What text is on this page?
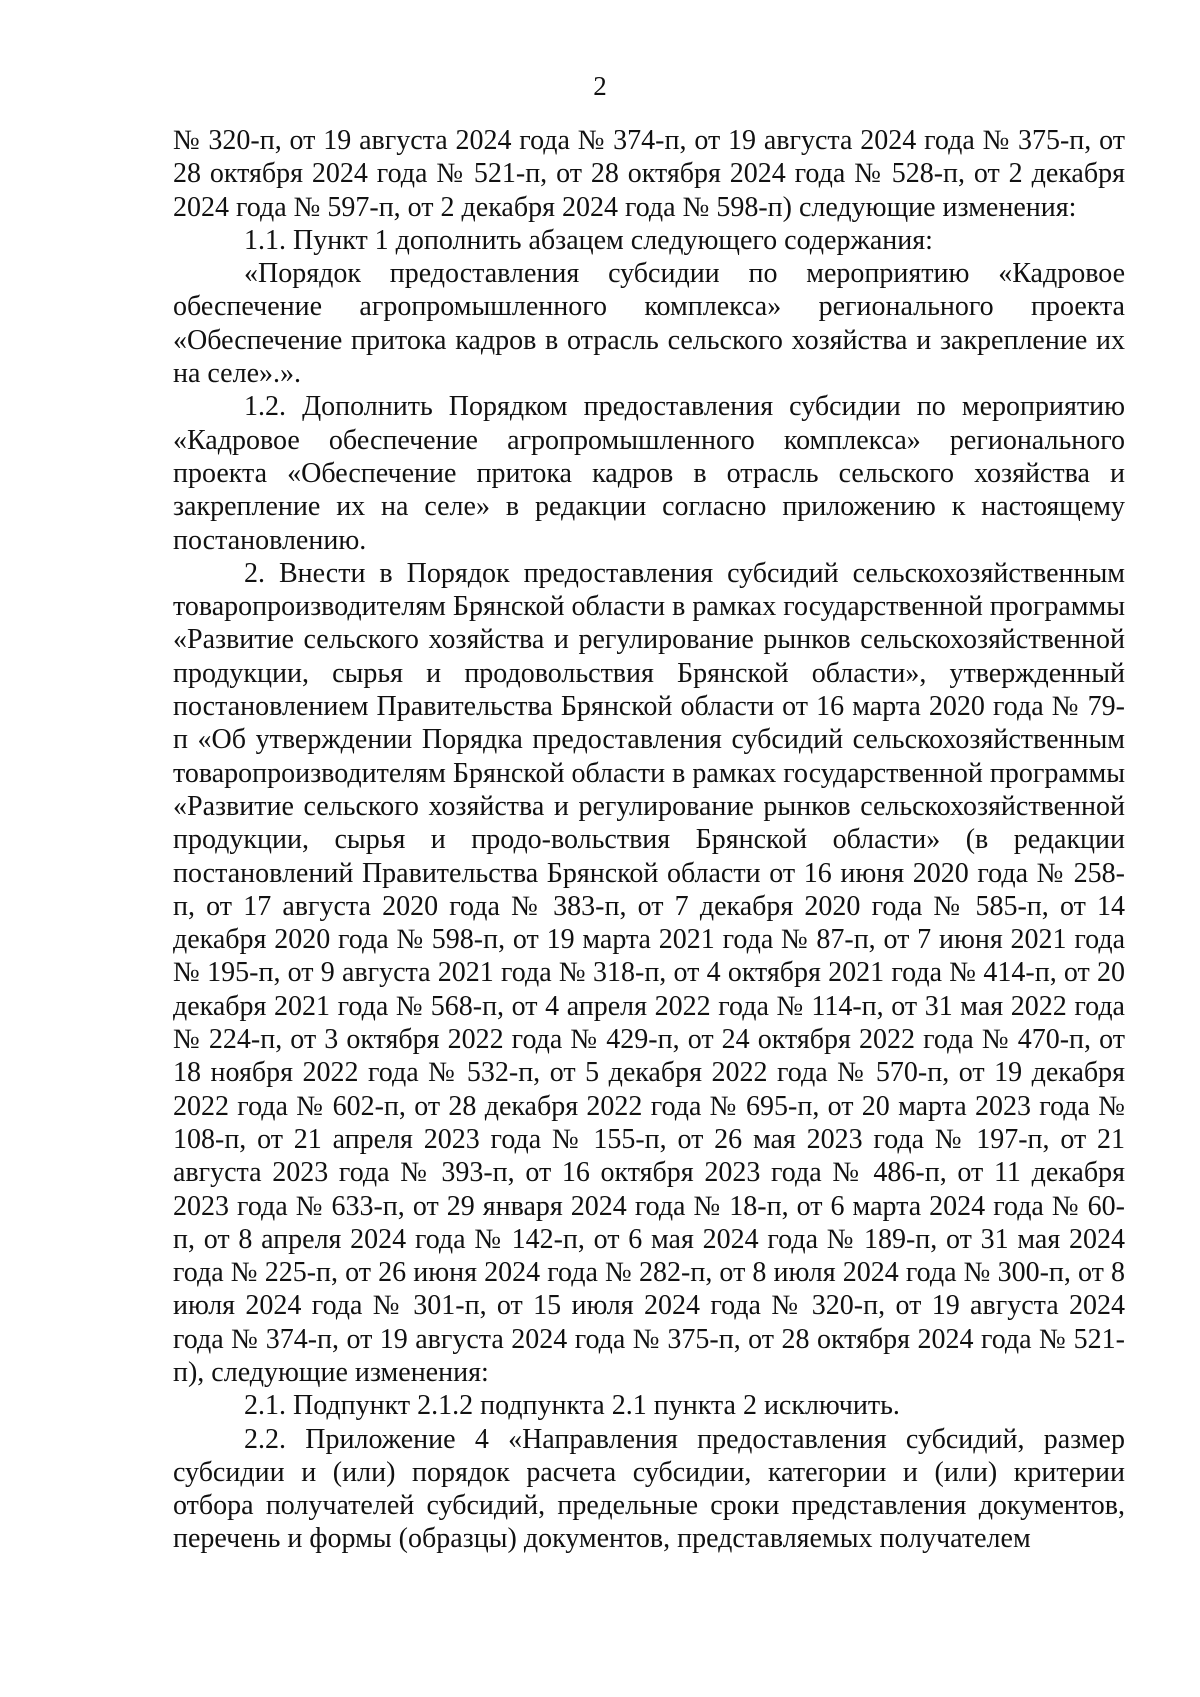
2

№ 320-п, от 19 августа 2024 года № 374-п, от 19 августа 2024 года № 375-п, от 28 октября 2024 года № 521-п, от 28 октября 2024 года № 528-п, от 2 декабря 2024 года № 597-п, от 2 декабря 2024 года № 598-п) следующие изменения:

1.1. Пункт 1 дополнить абзацем следующего содержания:

«Порядок предоставления субсидии по мероприятию «Кадровое обеспечение агропромышленного комплекса» регионального проекта «Обеспечение притока кадров в отрасль сельского хозяйства и закрепление их на селе».».

1.2. Дополнить Порядком предоставления субсидии по мероприятию «Кадровое обеспечение агропромышленного комплекса» регионального проекта «Обеспечение притока кадров в отрасль сельского хозяйства и закрепление их на селе» в редакции согласно приложению к настоящему постановлению.

2. Внести в Порядок предоставления субсидий сельскохозяйственным товаропроизводителям Брянской области в рамках государственной программы «Развитие сельского хозяйства и регулирование рынков сельскохозяйственной продукции, сырья и продовольствия Брянской области», утвержденный постановлением Правительства Брянской области от 16 марта 2020 года № 79-п «Об утверждении Порядка предоставления субсидий сельскохозяйственным товаропроизводителям Брянской области в рамках государственной программы «Развитие сельского хозяйства и регулирование рынков сельскохозяйственной продукции, сырья и продо-вольствия Брянской области» (в редакции постановлений Правительства Брянской области от 16 июня 2020 года № 258-п, от 17 августа 2020 года № 383-п, от 7 декабря 2020 года № 585-п, от 14 декабря 2020 года № 598-п, от 19 марта 2021 года № 87-п, от 7 июня 2021 года № 195-п, от 9 августа 2021 года № 318-п, от 4 октября 2021 года № 414-п, от 20 декабря 2021 года № 568-п, от 4 апреля 2022 года № 114-п, от 31 мая 2022 года № 224-п, от 3 октября 2022 года № 429-п, от 24 октября 2022 года № 470-п, от 18 ноября 2022 года № 532-п, от 5 декабря 2022 года № 570-п, от 19 декабря 2022 года № 602-п, от 28 декабря 2022 года № 695-п, от 20 марта 2023 года № 108-п, от 21 апреля 2023 года № 155-п, от 26 мая 2023 года № 197-п, от 21 августа 2023 года № 393-п, от 16 октября 2023 года № 486-п, от 11 декабря 2023 года № 633-п, от 29 января 2024 года № 18-п, от 6 марта 2024 года № 60-п, от 8 апреля 2024 года № 142-п, от 6 мая 2024 года № 189-п, от 31 мая 2024 года № 225-п, от 26 июня 2024 года № 282-п, от 8 июля 2024 года № 300-п, от 8 июля 2024 года № 301-п, от 15 июля 2024 года № 320-п, от 19 августа 2024 года № 374-п, от 19 августа 2024 года № 375-п, от 28 октября 2024 года № 521-п), следующие изменения:

2.1. Подпункт 2.1.2 подпункта 2.1 пункта 2 исключить.

2.2. Приложение 4 «Направления предоставления субсидий, размер субсидии и (или) порядок расчета субсидии, категории и (или) критерии отбора получателей субсидий, предельные сроки представления документов, перечень и формы (образцы) документов, представляемых получателем
